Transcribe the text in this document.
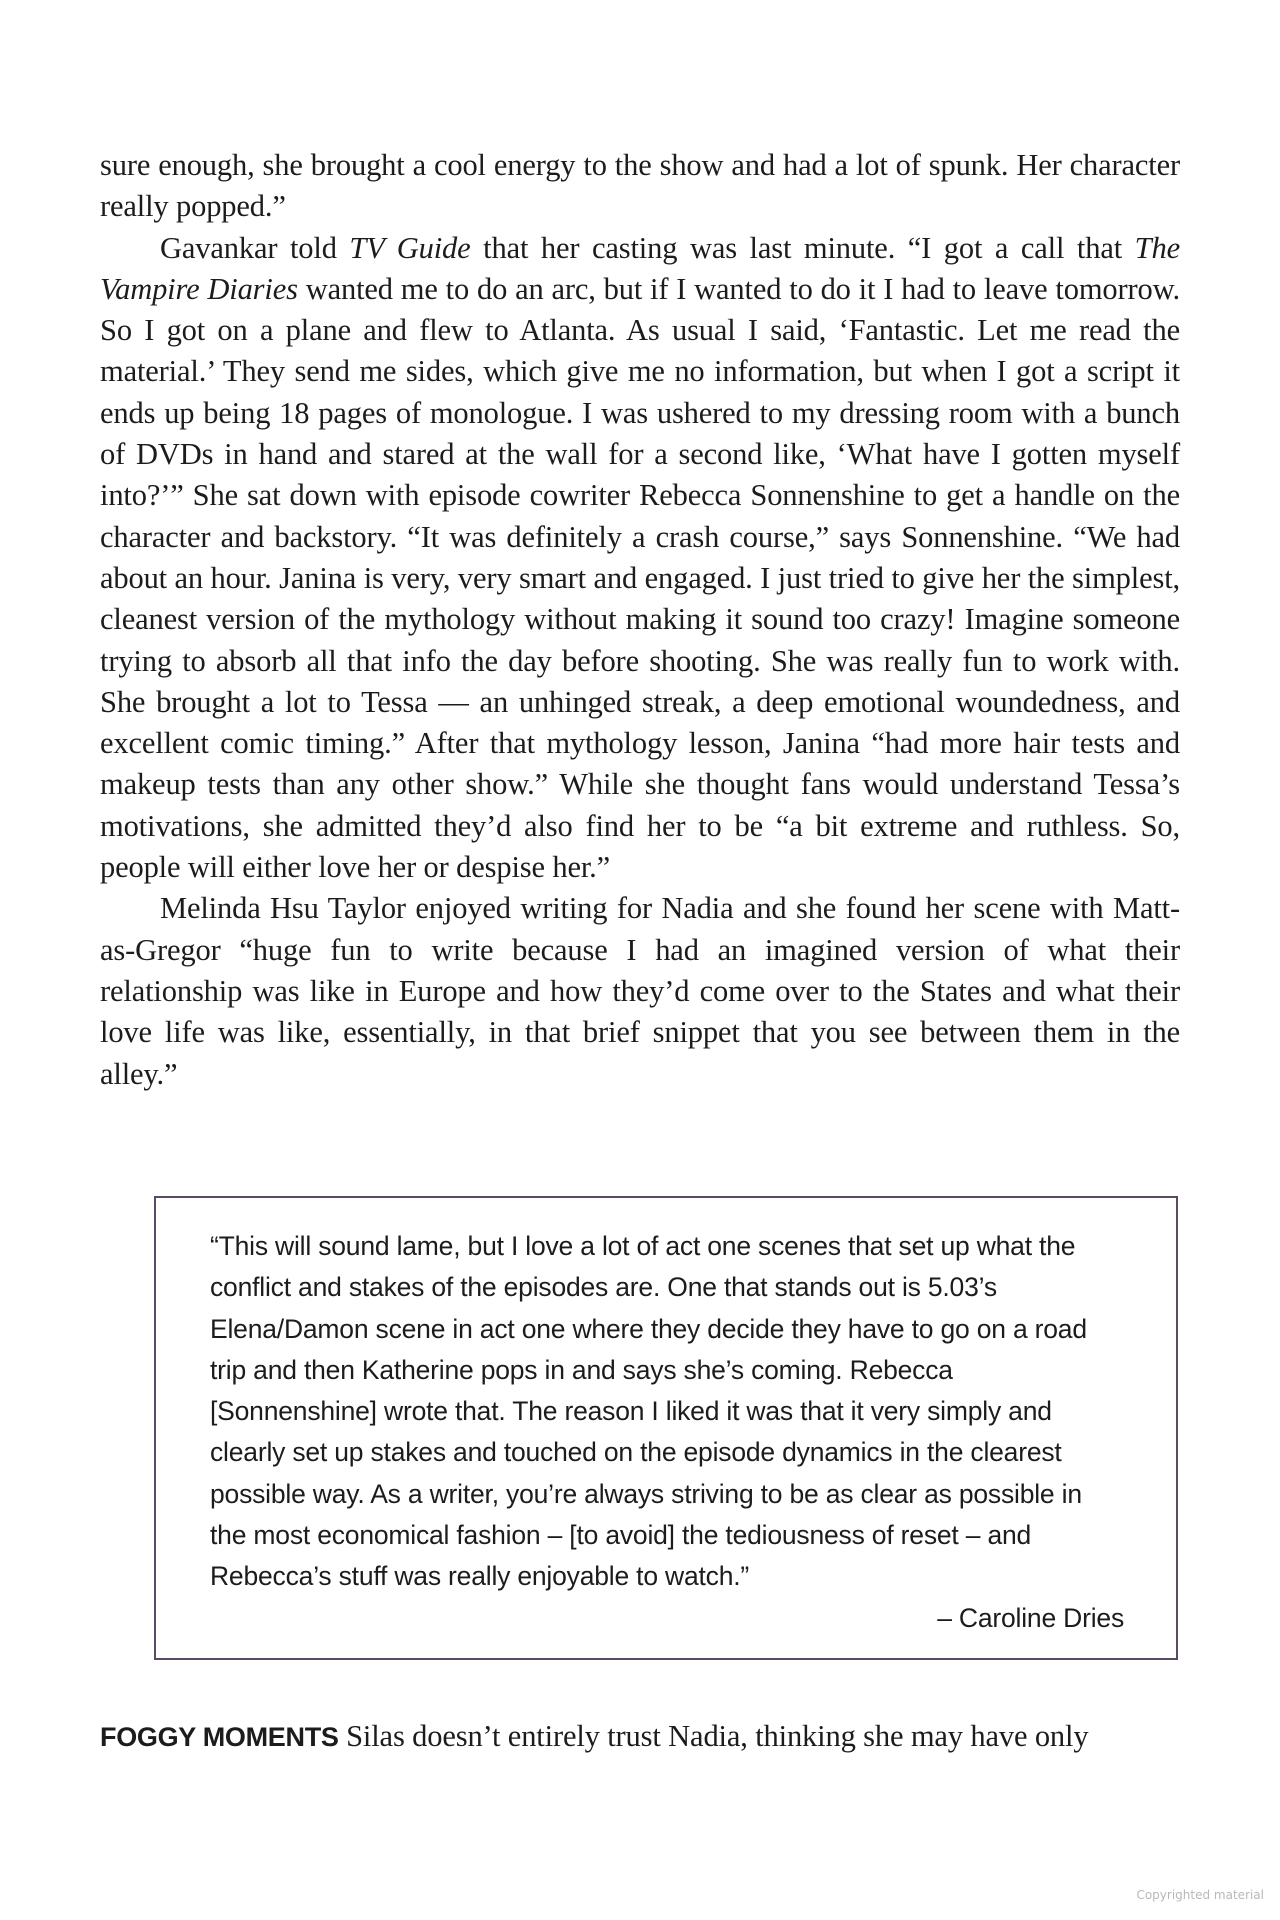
sure enough, she brought a cool energy to the show and had a lot of spunk. Her character really popped.”

Gavankar told TV Guide that her casting was last minute. “I got a call that The Vampire Diaries wanted me to do an arc, but if I wanted to do it I had to leave tomorrow. So I got on a plane and flew to Atlanta. As usual I said, ‘Fantastic. Let me read the material.’ They send me sides, which give me no information, but when I got a script it ends up being 18 pages of monologue. I was ushered to my dressing room with a bunch of DVDs in hand and stared at the wall for a second like, ‘What have I gotten myself into?’” She sat down with episode cowriter Rebecca Sonnenshine to get a handle on the character and backstory. “It was definitely a crash course,” says Sonnenshine. “We had about an hour. Janina is very, very smart and engaged. I just tried to give her the simplest, cleanest version of the mythology without making it sound too crazy! Imagine someone trying to absorb all that info the day before shooting. She was really fun to work with. She brought a lot to Tessa — an unhinged streak, a deep emotional woundedness, and excellent comic timing.” After that mythology lesson, Janina “had more hair tests and makeup tests than any other show.” While she thought fans would understand Tessa’s motivations, she admitted they’d also find her to be “a bit extreme and ruthless. So, people will either love her or despise her.”

Melinda Hsu Taylor enjoyed writing for Nadia and she found her scene with Matt-as-Gregor “huge fun to write because I had an imagined version of what their relationship was like in Europe and how they’d come over to the States and what their love life was like, essentially, in that brief snippet that you see between them in the alley.”

“This will sound lame, but I love a lot of act one scenes that set up what the conflict and stakes of the episodes are. One that stands out is 5.03’s Elena/Damon scene in act one where they decide they have to go on a road trip and then Katherine pops in and says she’s coming. Rebecca [Sonnenshine] wrote that. The reason I liked it was that it very simply and clearly set up stakes and touched on the episode dynamics in the clearest possible way. As a writer, you’re always striving to be as clear as possible in the most economical fashion – [to avoid] the tediousness of reset – and Rebecca’s stuff was really enjoyable to watch.”

– Caroline Dries

FOGGY MOMENTS Silas doesn’t entirely trust Nadia, thinking she may have only

Copyrighted material
